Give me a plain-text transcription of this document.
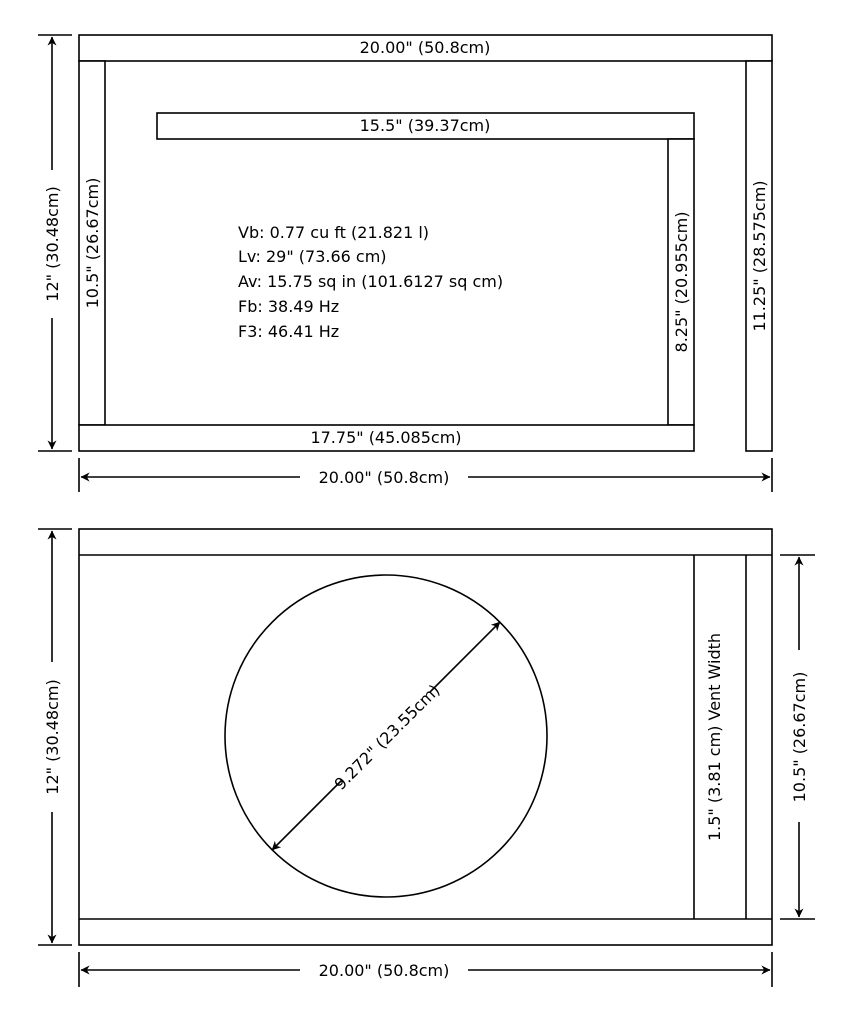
20.00" (50.8cm)
10.5" (26.67cm)
15.5" (39.37cm)
8.25" (20.955cm)	11.25" (28.575cm)
17.75" (45.085cm)
Vb: 0.77 cu ft (21.821 l)
Lv: 29" (73.66 cm)
Av: 15.75 sq in (101.6127 sq cm)
Fb: 38.49 Hz
F3: 46.41 Hz
12" (30.48cm)
20.00" (50.8cm)
1.5" (3.81 cm) Vent Width
9.272" (23.55cm)
12" (30.48cm)	10.5" (26.67cm)
20.00" (50.8cm)
